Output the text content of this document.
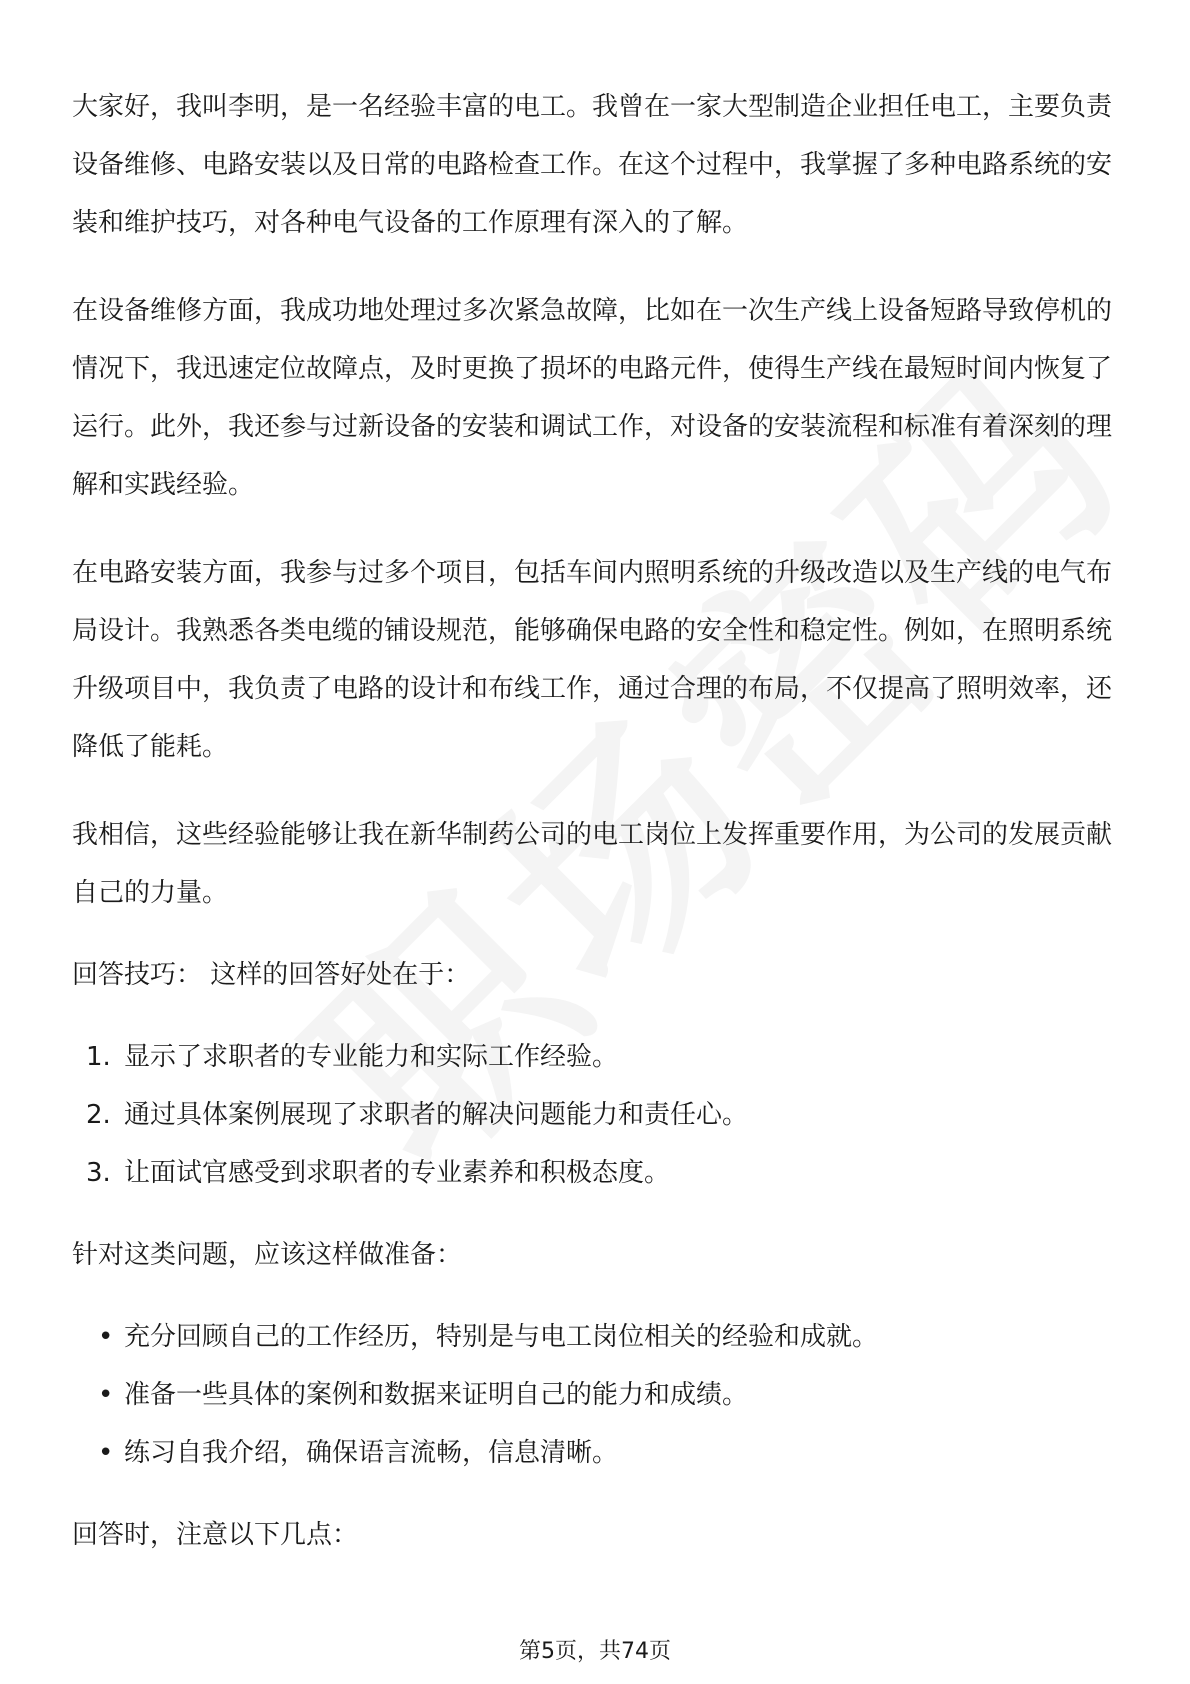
大家好，我叫李明，是一名经验丰富的电工。我曾在一家大型制造企业担任电工，主要负责设备维修、电路安装以及日常的电路检查工作。在这个过程中，我掌握了多种电路系统的安装和维护技巧，对各种电气设备的工作原理有深入的了解。

在设备维修方面，我成功地处理过多次紧急故障，比如在一次生产线上设备短路导致停机的情况下，我迅速定位故障点，及时更换了损坏的电路元件，使得生产线在最短时间内恢复了运行。此外，我还参与过新设备的安装和调试工作，对设备的安装流程和标准有着深刻的理解和实践经验。

在电路安装方面，我参与过多个项目，包括车间内照明系统的升级改造以及生产线的电气布局设计。我熟悉各类电缆的铺设规范，能够确保电路的安全性和稳定性。例如，在照明系统升级项目中，我负责了电路的设计和布线工作，通过合理的布局，不仅提高了照明效率，还降低了能耗。

我相信，这些经验能够让我在新华制药公司的电工岗位上发挥重要作用，为公司的发展贡献自己的力量。

回答技巧： 这样的回答好处在于：

1. 显示了求职者的专业能力和实际工作经验。
2. 通过具体案例展现了求职者的解决问题能力和责任心。
3. 让面试官感受到求职者的专业素养和积极态度。

针对这类问题，应该这样做准备：

• 充分回顾自己的工作经历，特别是与电工岗位相关的经验和成就。
• 准备一些具体的案例和数据来证明自己的能力和成绩。
• 练习自我介绍，确保语言流畅，信息清晰。

回答时，注意以下几点：

第5页，共74页
